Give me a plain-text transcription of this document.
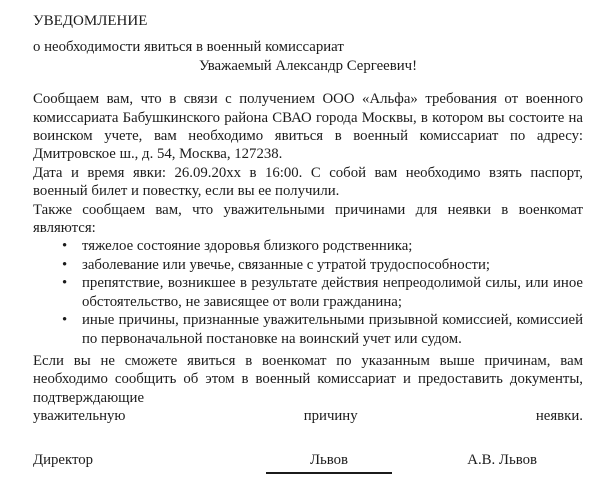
УВЕДОМЛЕНИЕ

о необходимости явиться в военный комиссариат

Уважаемый Александр Сергеевич!

Сообщаем вам, что в связи с получением ООО «Альфа» требования от военного комиссариата Бабушкинского района СВАО города Москвы, в котором вы состоите на воинском учете, вам необходимо явиться в военный комиссариат по адресу: Дмитровское ш., д. 54, Москва, 127238.

Дата и время явки: 26.09.20хх в 16:00. С собой вам необходимо взять паспорт, военный билет и повестку, если вы ее получили.

Также сообщаем вам, что уважительными причинами для неявки в военкомат являются:

• тяжелое состояние здоровья близкого родственника;
• заболевание или увечье, связанные с утратой трудоспособности;
• препятствие, возникшее в результате действия непреодолимой силы, или иное обстоятельство, не зависящее от воли гражданина;
• иные причины, признанные уважительными призывной комиссией, комиссией по первоначальной постановке на воинский учет или судом.

Если вы не сможете явиться в военкомат по указанным выше причинам, вам необходимо сообщить об этом в военный комиссариат и предоставить документы, подтверждающие

уважительную	причину	неявки.
Директор	Львов	А.В. Львов
